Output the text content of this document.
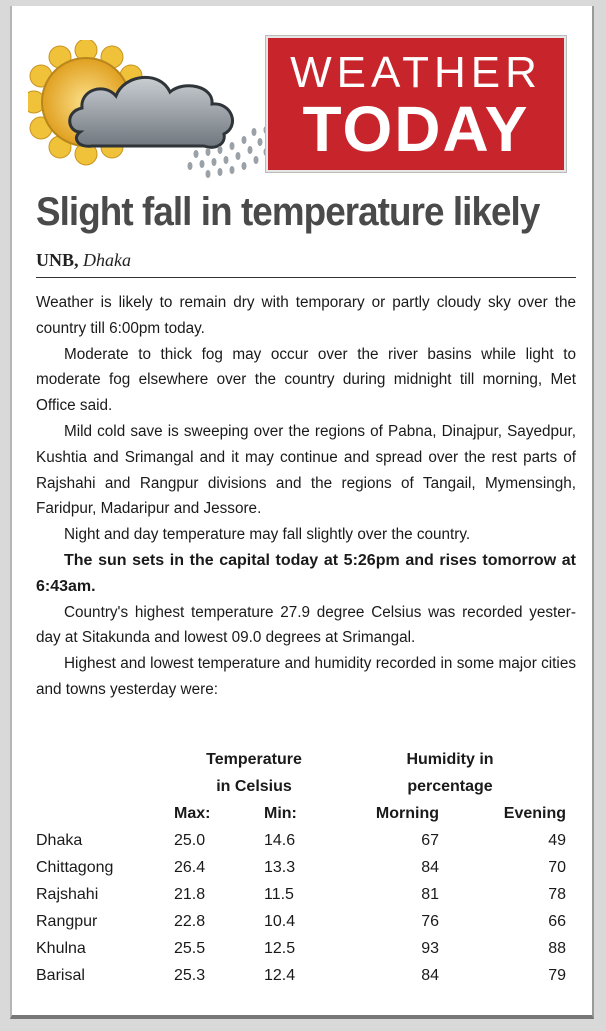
WEATHER
TODAY
Slight fall in temperature likely
UNB, Dhaka

Weather is likely to remain dry with temporary or partly cloudy sky over the country till 6:00pm today.

Moderate to thick fog may occur over the river basins while light to moderate fog elsewhere over the country during midnight till morning, Met Office said.

Mild cold save is sweeping over the regions of Pabna, Dinajpur, Sayedpur, Kushtia and Srimangal and it may continue and spread over the rest parts of Rajshahi and Rangpur divisions and the regions of Tangail, Mymensingh, Faridpur, Madaripur and Jessore.

Night and day temperature may fall slightly over the country.

The sun sets in the capital today at 5:26pm and rises tomorrow at 6:43am.

Country's highest temperature 27.9 degree Celsius was recorded yester-day at Sitakunda and lowest 09.0 degrees at Srimangal.

Highest and lowest temperature and humidity recorded in some major cities and towns yesterday were:

	Temperature		Humidity in	
	in Celsius		percentage	
	Max:	Min:	Morning	Evening
Dhaka	25.0	14.6	67	49
Chittagong	26.4	13.3	84	70
Rajshahi	21.8	11.5	81	78
Rangpur	22.8	10.4	76	66
Khulna	25.5	12.5	93	88
Barisal	25.3	12.4	84	79
